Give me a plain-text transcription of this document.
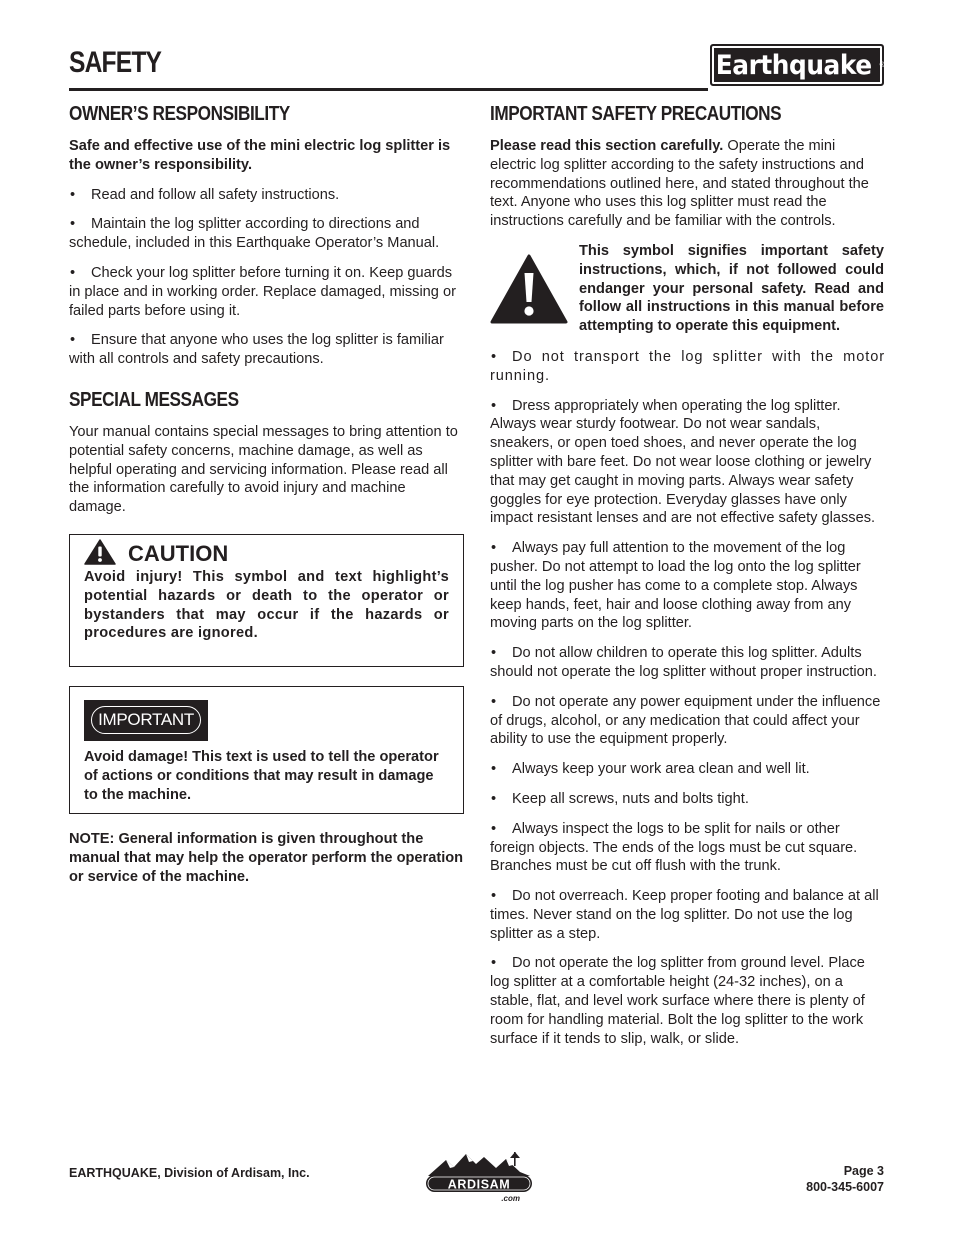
SAFETY	Earthquake ®
OWNER’S RESPONSIBILITY

Safe and effective use of the mini electric log splitter is the owner’s responsibility.

• Read and follow all safety instructions.

• Maintain the log splitter according to directions and schedule, included in this Earthquake Operator’s Manual.

• Check your log splitter before turning it on. Keep guards in place and in working order. Replace damaged, missing or failed parts before using it.

• Ensure that anyone who uses the log splitter is familiar with all controls and safety precautions.

SPECIAL MESSAGES

Your manual contains special messages to bring attention to potential safety concerns, machine damage, as well as helpful operating and servicing information. Please read all the information carefully to avoid injury and machine damage.

CAUTION

Avoid injury! This symbol and text highlight’s potential hazards or death to the operator or bystanders that may occur if the hazards or procedures are ignored.

IMPORTANT

Avoid damage! This text is used to tell the operator of actions or conditions that may result in damage to the machine.

NOTE: General information is given throughout the manual that may help the operator perform the operation or service of the machine.

IMPORTANT SAFETY PRECAUTIONS

Please read this section carefully. Operate the mini electric log splitter according to the safety instructions and recommendations outlined here, and stated throughout the text. Anyone who uses this log splitter must read the instructions carefully and be familiar with the controls.

This symbol signifies important safety instructions, which, if not followed could endanger your personal safety. Read and follow all instructions in this manual before attempting to operate this equipment.

• Do not transport the log splitter with the motor running.

• Dress appropriately when operating the log splitter. Always wear sturdy footwear. Do not wear sandals, sneakers, or open toed shoes, and never operate the log splitter with bare feet. Do not wear loose clothing or jewelry that may get caught in moving parts. Always wear safety goggles for eye protection. Everyday glasses have only impact resistant lenses and are not effective safety glasses.

• Always pay full attention to the movement of the log pusher. Do not attempt to load the log onto the log splitter until the log pusher has come to a complete stop. Always keep hands, feet, hair and loose clothing away from any moving parts on the log splitter.

• Do not allow children to operate this log splitter. Adults should not operate the log splitter without proper instruction.

• Do not operate any power equipment under the influence of drugs, alcohol, or any medication that could affect your ability to use the equipment properly.

• Always keep your work area clean and well lit.

• Keep all screws, nuts and bolts tight.

• Always inspect the logs to be split for nails or other foreign objects. The ends of the logs must be cut square. Branches must be cut off flush with the trunk.

• Do not overreach. Keep proper footing and balance at all times. Never stand on the log splitter. Do not use the log splitter as a step.

• Do not operate the log splitter from ground level. Place log splitter at a comfortable height (24-32 inches), on a stable, flat, and level work surface where there is plenty of room for handling material. Bolt the log splitter to the work surface if it tends to slip, walk, or slide.

EARTHQUAKE, Division of Ardisam, Inc.
ARDISAM
.com
Page 3
800-345-6007
